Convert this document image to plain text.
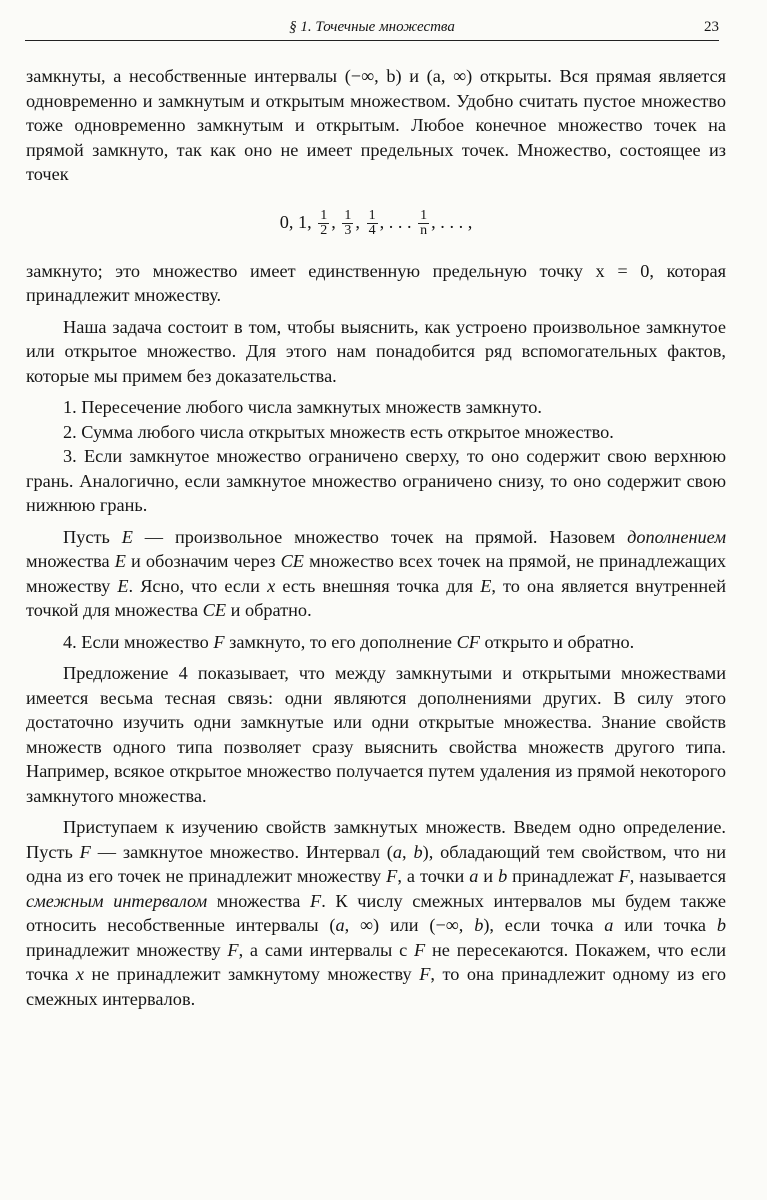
§ 1. Точечные множества	23

замкнуты, а несобственные интервалы (−∞, b) и (a, ∞) открыты. Вся прямая является одновременно и замкнутым и открытым множеством. Удобно считать пустое множество тоже одновременно замкнутым и открытым. Любое конечное множество точек на прямой замкнуто, так как оно не имеет предельных точек. Множество, состоящее из точек

0, 1, $\frac{1}{2}$ , $\frac{1}{3}$ , $\frac{1}{4}$ , . . . $\frac{1}{n}$ , . . . ,

замкнуто; это множество имеет единственную предельную точку x = 0, которая принадлежит множеству.

Наша задача состоит в том, чтобы выяснить, как устроено произвольное замкнутое или открытое множество. Для этого нам понадобится ряд вспомогательных фактов, которые мы примем без доказательства.

1. Пересечение любого числа замкнутых множеств замкнуто.

2. Сумма любого числа открытых множеств есть открытое множество.

3. Если замкнутое множество ограничено сверху, то оно содержит свою верхнюю грань. Аналогично, если замкнутое множество ограничено снизу, то оно содержит свою нижнюю грань.

Пусть E — произвольное множество точек на прямой. Назовем дополнением множества E и обозначим через CE множество всех точек на прямой, не принадлежащих множеству E. Ясно, что если x есть внешняя точка для E, то она является внутренней точкой для множества CE и обратно.

4. Если множество F замкнуто, то его дополнение CF открыто и обратно.

Предложение 4 показывает, что между замкнутыми и открытыми множествами имеется весьма тесная связь: одни являются дополнениями других. В силу этого достаточно изучить одни замкнутые или одни открытые множества. Знание свойств множеств одного типа позволяет сразу выяснить свойства множеств другого типа. Например, всякое открытое множество получается путем удаления из прямой некоторого замкнутого множества.

Приступаем к изучению свойств замкнутых множеств. Введем одно определение. Пусть F — замкнутое множество. Интервал (a, b), обладающий тем свойством, что ни одна из его точек не принадлежит множеству F, а точки a и b принадлежат F, называется смежным интервалом множества F. К числу смежных интервалов мы будем также относить несобственные интервалы (a, ∞) или (−∞, b), если точка a или точка b принадлежит множеству F, а сами интервалы с F не пересекаются. Покажем, что если точка x не принадлежит замкнутому множеству F, то она принадлежит одному из его смежных интервалов.
